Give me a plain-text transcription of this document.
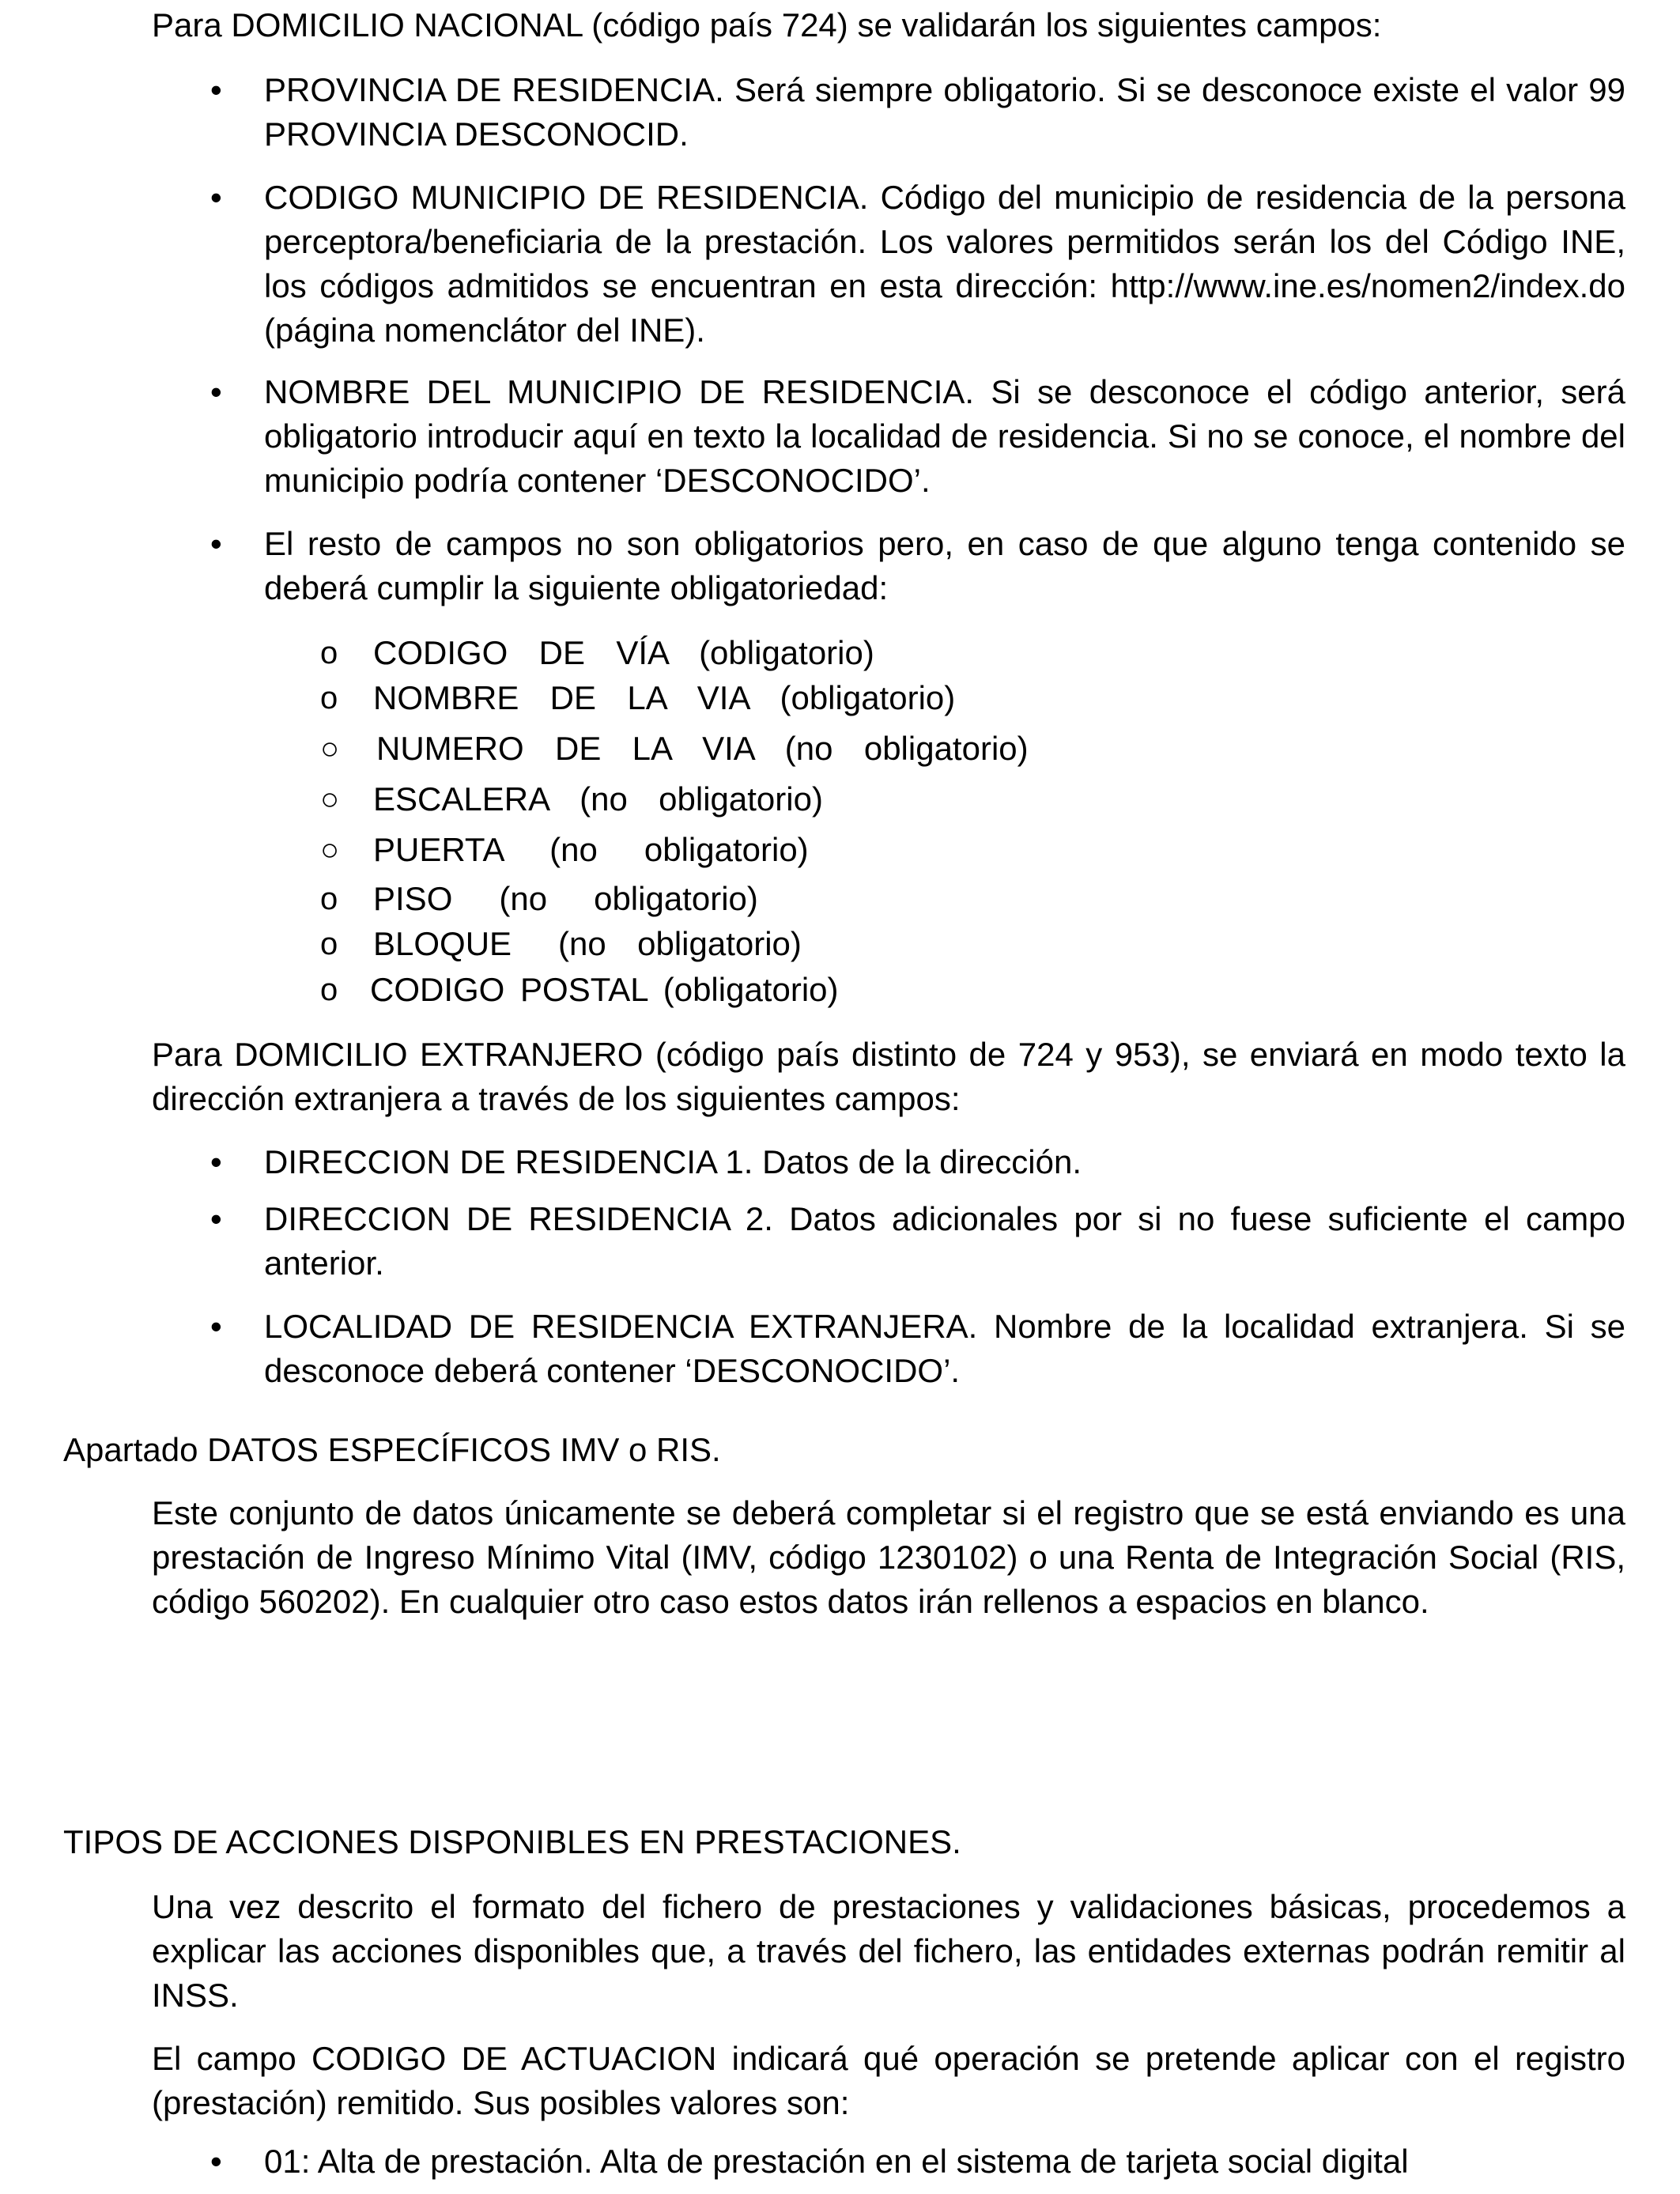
Para DOMICILIO NACIONAL (código país 724) se validarán los siguientes campos:

•	PROVINCIA DE RESIDENCIA. Será siempre obligatorio. Si se desconoce existe el valor 99 PROVINCIA DESCONOCID.

•	CODIGO MUNICIPIO DE RESIDENCIA. Código del municipio de residencia de la persona perceptora/beneficiaria de la prestación. Los valores permitidos serán los del Código INE, los códigos admitidos se encuentran en esta dirección: http://www.ine.es/nomen2/index.do (página nomenclátor del INE).

•	NOMBRE DEL MUNICIPIO DE RESIDENCIA. Si se desconoce el código anterior, será obligatorio introducir aquí en texto la localidad de residencia. Si no se conoce, el nombre del municipio podría contener ‘DESCONOCIDO’.

•	El resto de campos no son obligatorios pero, en caso de que alguno tenga contenido se deberá cumplir la siguiente obligatoriedad:

o CODIGO  DE  VÍA  (obligatorio)
o NOMBRE  DE  LA  VIA  (obligatorio)
○ NUMERO  DE  LA  VIA  (no  obligatorio)
○ ESCALERA  (no  obligatorio)
○ PUERTA   (no   obligatorio)
o PISO   (no   obligatorio)
o BLOQUE   (no  obligatorio)
o CODIGO POSTAL (obligatorio)

Para DOMICILIO EXTRANJERO (código país distinto de 724 y 953), se enviará en modo texto la dirección extranjera a través de los siguientes campos:

•	DIRECCION DE RESIDENCIA 1. Datos de la dirección.

•	DIRECCION DE RESIDENCIA 2. Datos adicionales por si no fuese suficiente el campo anterior.

•	LOCALIDAD DE RESIDENCIA EXTRANJERA. Nombre de la localidad extranjera. Si se desconoce deberá contener ‘DESCONOCIDO’.

Apartado DATOS ESPECÍFICOS IMV o RIS.

Este conjunto de datos únicamente se deberá completar si el registro que se está enviando es una prestación de Ingreso Mínimo Vital (IMV, código 1230102) o una Renta de Integración Social (RIS, código 560202). En cualquier otro caso estos datos irán rellenos a espacios en blanco.

TIPOS DE ACCIONES DISPONIBLES EN PRESTACIONES.

Una vez descrito el formato del fichero de prestaciones y validaciones básicas, procedemos a explicar las acciones disponibles que, a través del fichero, las entidades externas podrán remitir al INSS.

El campo CODIGO DE ACTUACION indicará qué operación se pretende aplicar con el registro (prestación) remitido. Sus posibles valores son:

•	01: Alta de prestación. Alta de prestación en el sistema de tarjeta social digital
